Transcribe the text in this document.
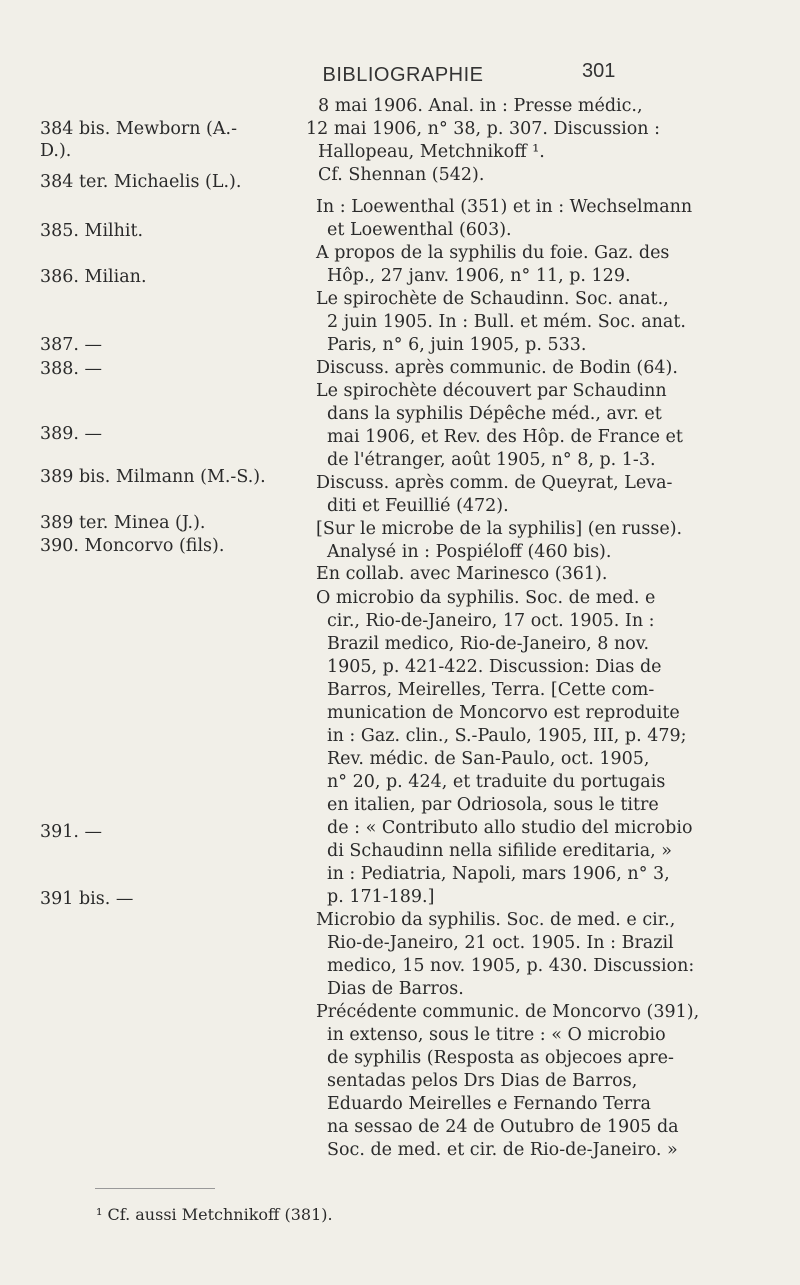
BIBLIOGRAPHIE	301
384 bis. Mewborn (A.-
D.).
384 ter. Michaelis (L.).
385. Milhit.
386. Milian.
387. —
388. —
389. —
389 bis. Milmann (M.-S.).
389 ter. Minea (J.).
390. Moncorvo (fils).
391. —
391 bis. —
8 mai 1906. Anal. in : Presse médic.,
12 mai 1906, n° 38, p. 307. Discussion :
Hallopeau, Metchnikoff ¹.
Cf. Shennan (542).
In : Loewenthal (351) et in : Wechselmann
et Loewenthal (603).
A propos de la syphilis du foie. Gaz. des
Hôp., 27 janv. 1906, n° 11, p. 129.
Le spirochète de Schaudinn. Soc. anat.,
2 juin 1905. In : Bull. et mém. Soc. anat.
Paris, n° 6, juin 1905, p. 533.
Discuss. après communic. de Bodin (64).
Le spirochète découvert par Schaudinn
dans la syphilis Dépêche méd., avr. et
mai 1906, et Rev. des Hôp. de France et
de l'étranger, août 1905, n° 8, p. 1-3.
Discuss. après comm. de Queyrat, Leva-
diti et Feuillié (472).
[Sur le microbe de la syphilis] (en russe).
Analysé in : Pospiéloff (460 bis).
En collab. avec Marinesco (361).
O microbio da syphilis. Soc. de med. e
cir., Rio-de-Janeiro, 17 oct. 1905. In :
Brazil medico, Rio-de-Janeiro, 8 nov.
1905, p. 421-422. Discussion: Dias de
Barros, Meirelles, Terra. [Cette com-
munication de Moncorvo est reproduite
in : Gaz. clin., S.-Paulo, 1905, III, p. 479;
Rev. médic. de San-Paulo, oct. 1905,
n° 20, p. 424, et traduite du portugais
en italien, par Odriosola, sous le titre
de : « Contributo allo studio del microbio
di Schaudinn nella sifilide ereditaria, »
in : Pediatria, Napoli, mars 1906, n° 3,
p. 171-189.]
Microbio da syphilis. Soc. de med. e cir.,
Rio-de-Janeiro, 21 oct. 1905. In : Brazil
medico, 15 nov. 1905, p. 430. Discussion:
Dias de Barros.
Précédente communic. de Moncorvo (391),
in extenso, sous le titre : « O microbio
de syphilis (Resposta as objecoes apre-
sentadas pelos Drs Dias de Barros,
Eduardo Meirelles e Fernando Terra
na sessao de 24 de Outubro de 1905 da
Soc. de med. et cir. de Rio-de-Janeiro. »
¹ Cf. aussi Metchnikoff (381).
